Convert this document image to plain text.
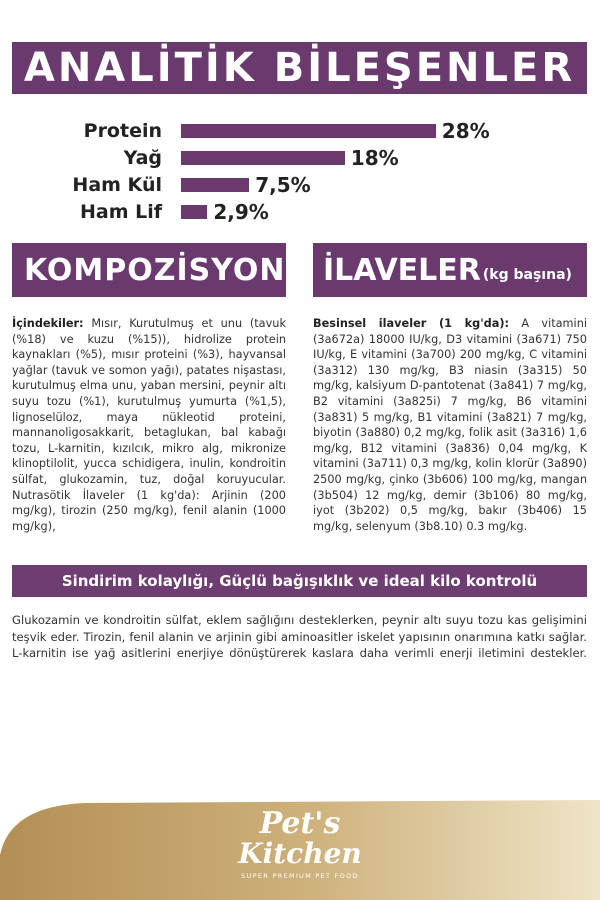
ANALİTİK BİLEŞENLER
Protein	28%
Yağ	18%
Ham Kül	7,5%
Ham Lif	2,9%
KOMPOZİSYON İLAVELER (kg başına)
İçindekiler: Mısır, Kurutulmuş et unu (tavuk (%18) ve kuzu (%15)), hidrolize protein kaynakları (%5), mısır proteini (%3), hayvansal yağlar (tavuk ve somon yağı), patates nişastası, kurutulmuş elma unu, yaban mersini, peynir altı suyu tozu (%1), kurutulmuş yumurta (%1,5), lignoselüloz, maya nükleotid proteini, mannanoligosakkarit, betaglukan, bal kabağı tozu, L-karnitin, kızılcık, mikro alg, mikronize klinoptilolit, yucca schidigera, inulin, kondroitin sülfat, glukozamin, tuz, doğal koruyucular. Nutrasötik İlaveler (1 kg'da): Arjinin (200 mg/kg), tirozin (250 mg/kg), fenil alanin (1000 mg/kg),
Besinsel ilaveler (1 kg'da): A vitamini (3a672a) 18000 IU/kg, D3 vitamini (3a671) 750 IU/kg, E vitamini (3a700) 200 mg/kg, C vitamini (3a312) 130 mg/kg, B3 niasin (3a315) 50 mg/kg, kalsiyum D-pantotenat (3a841) 7 mg/kg, B2 vitamini (3a825i) 7 mg/kg, B6 vitamini (3a831) 5 mg/kg, B1 vitamini (3a821) 7 mg/kg, biyotin (3a880) 0,2 mg/kg, folik asit (3a316) 1,6 mg/kg, B12 vitamini (3a836) 0,04 mg/kg, K vitamini (3a711) 0,3 mg/kg, kolin klorür (3a890) 2500 mg/kg, çinko (3b606) 100 mg/kg, mangan (3b504) 12 mg/kg, demir (3b106) 80 mg/kg, iyot (3b202) 0,5 mg/kg, bakır (3b406) 15 mg/kg, selenyum (3b8.10) 0.3 mg/kg.
Sindirim kolaylığı, Güçlü bağışıklık ve ideal kilo kontrolü
Glukozamin ve kondroitin sülfat, eklem sağlığını desteklerken, peynir altı suyu tozu kas gelişimini teşvik eder. Tirozin, fenil alanin ve arjinin gibi aminoasitler iskelet yapısının onarımına katkı sağlar. L-karnitin ise yağ asitlerini enerjiye dönüştürerek kaslara daha verimli enerji iletimini destekler.
Pet's
Kitchen
SUPER PREMIUM PET FOOD
